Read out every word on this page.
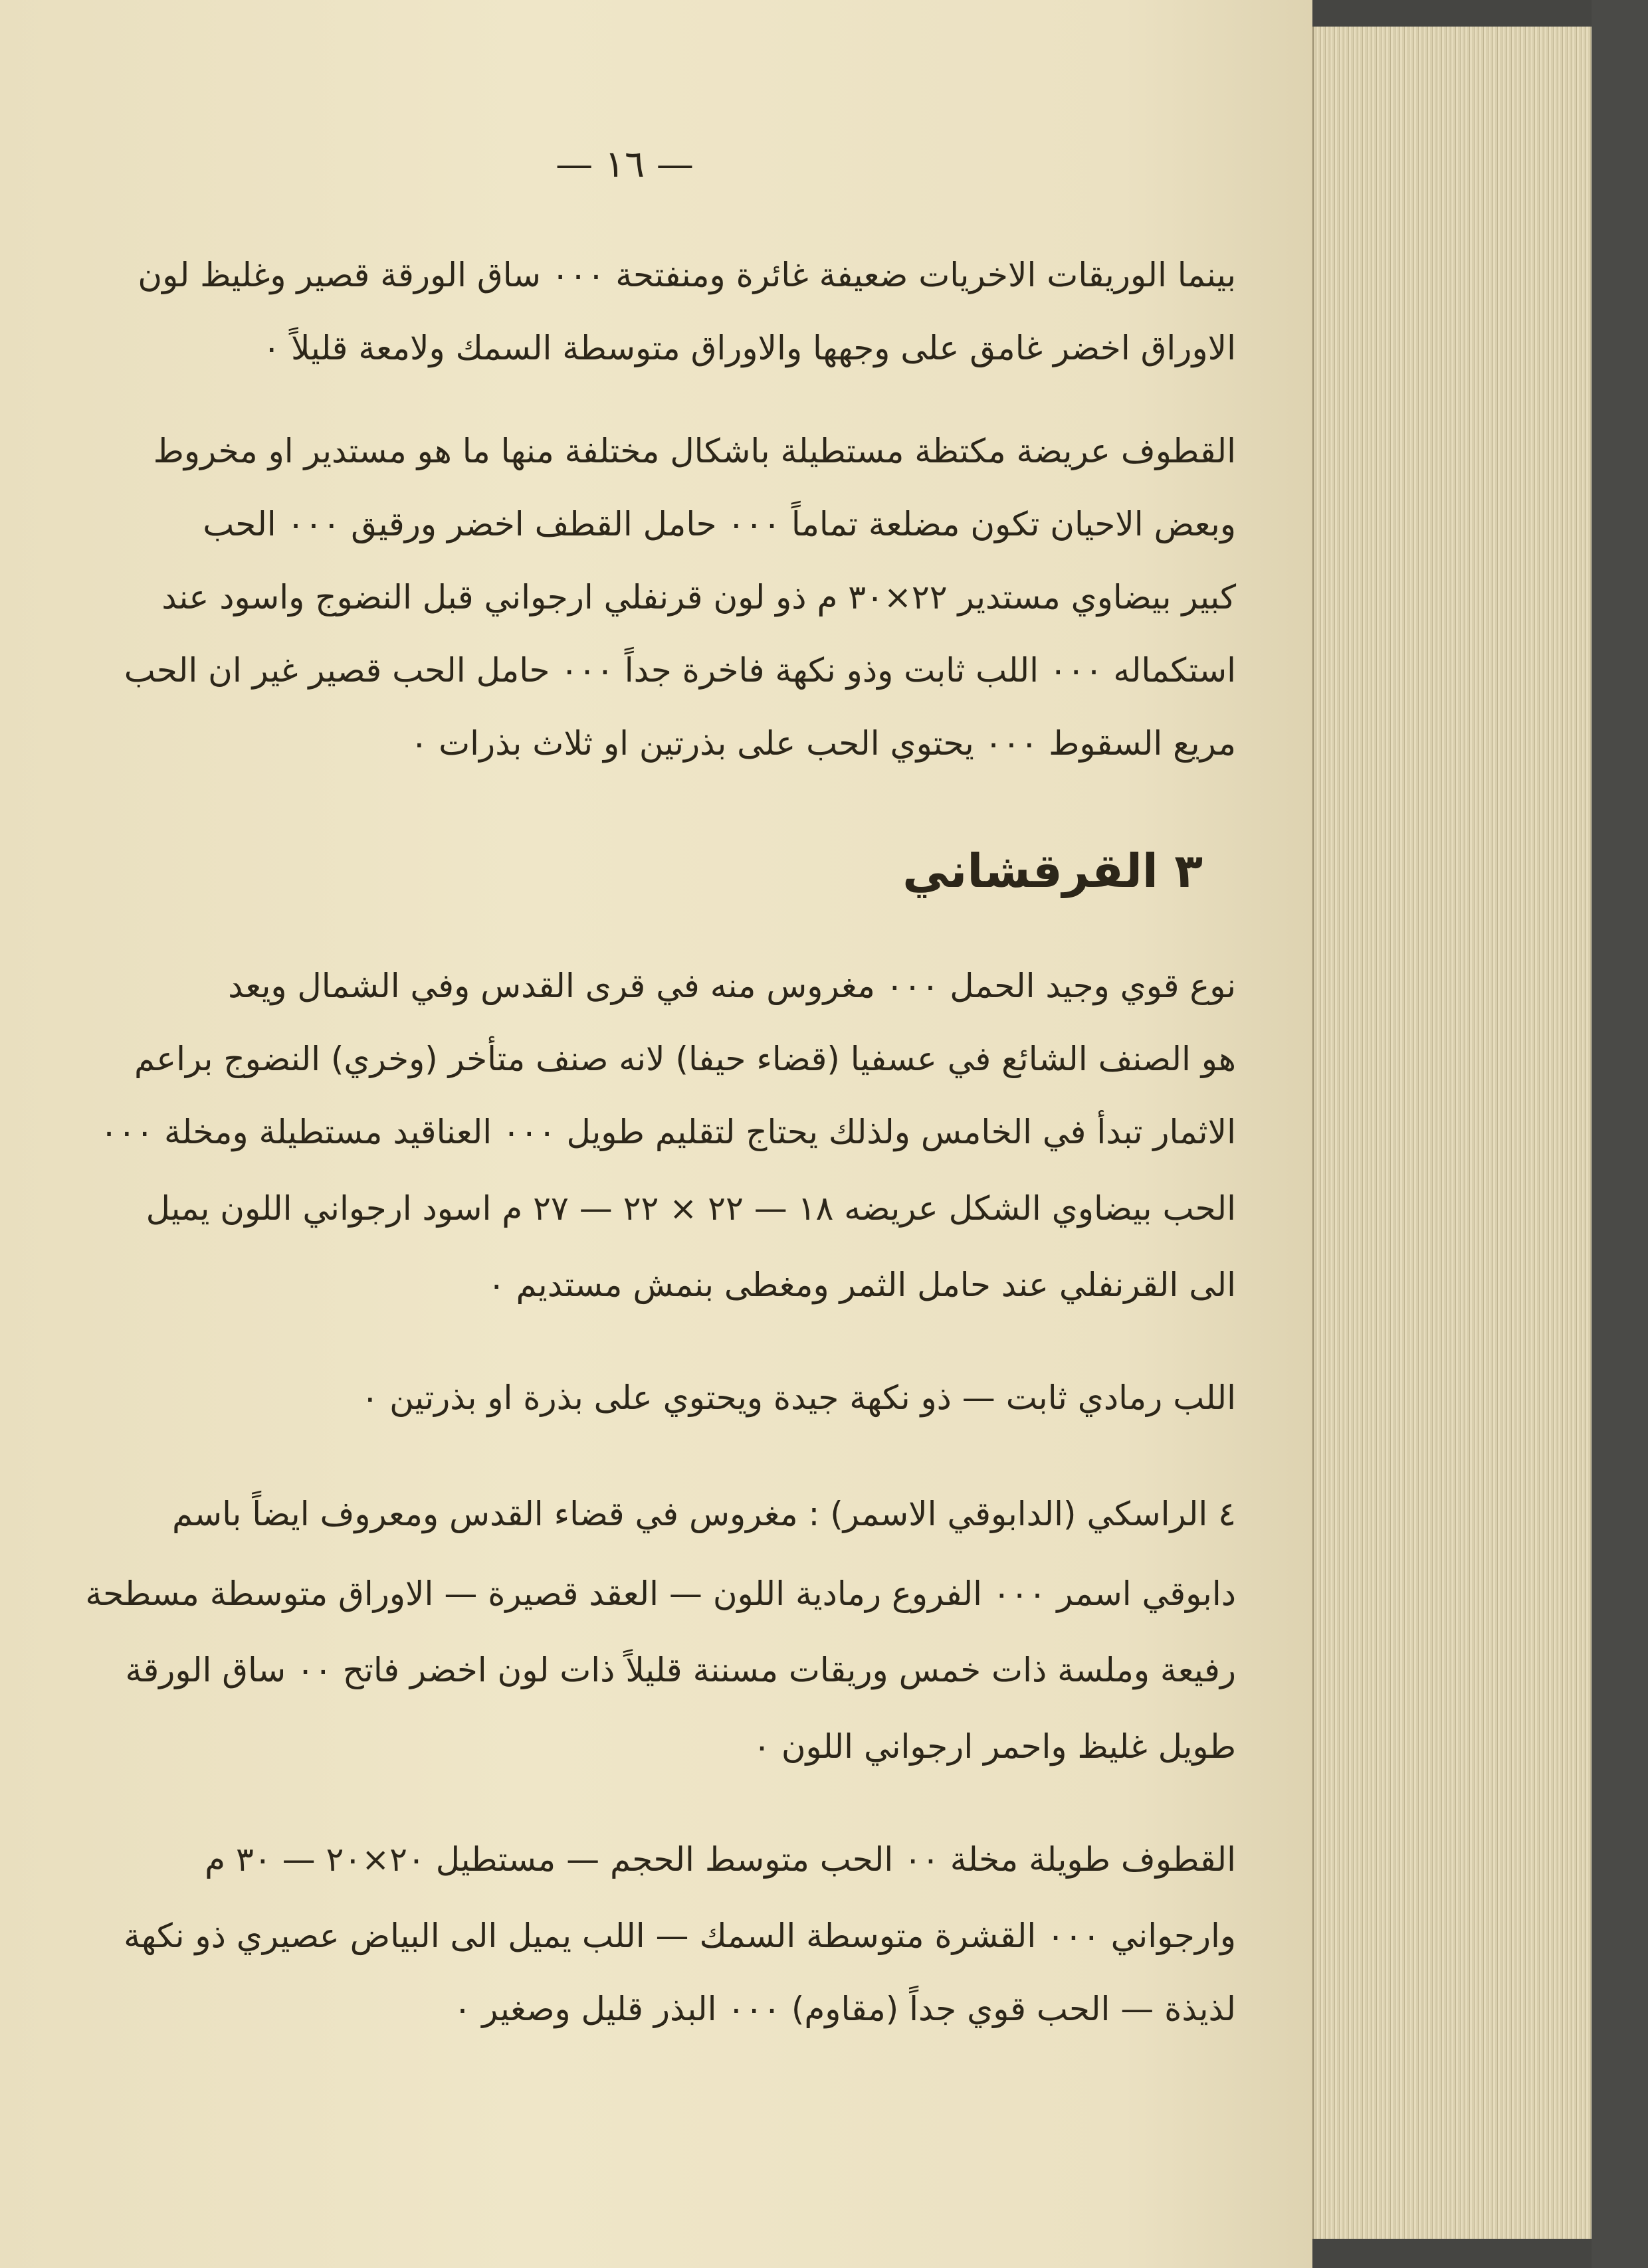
— ١٦ —
بينما الوريقات الاخريات ضعيفة غائرة ومنفتحة ٠٠٠ ساق الورقة قصير وغليظ لون
الاوراق اخضر غامق على وجهها والاوراق متوسطة السمك ولامعة قليلاً ٠
القطوف عريضة مكتظة مستطيلة باشكال مختلفة منها ما هو مستدير او مخروط
وبعض الاحيان تكون مضلعة تماماً ٠٠٠ حامل القطف اخضر ورقيق ٠٠٠ الحب
كبير بيضاوي مستدير ٢٢×٣٠ م ذو لون قرنفلي ارجواني قبل النضوج واسود عند
استكماله ٠٠٠ اللب ثابت وذو نكهة فاخرة جداً ٠٠٠ حامل الحب قصير غير ان الحب
مريع السقوط ٠٠٠ يحتوي الحب على بذرتين او ثلاث بذرات ٠
٣ القرقشاني
نوع قوي وجيد الحمل ٠٠٠ مغروس منه في قرى القدس وفي الشمال ويعد
هو الصنف الشائع في عسفيا (قضاء حيفا) لانه صنف متأخر (وخري) النضوج براعم
الاثمار تبدأ في الخامس ولذلك يحتاج لتقليم طويل ٠٠٠ العناقيد مستطيلة ومخلة ٠٠٠
الحب بيضاوي الشكل عريضه ١٨ — ٢٢ × ٢٢ — ٢٧ م اسود ارجواني اللون يميل
الى القرنفلي عند حامل الثمر ومغطى بنمش مستديم ٠
اللب رمادي ثابت — ذو نكهة جيدة ويحتوي على بذرة او بذرتين ٠
٤ الراسكي (الدابوقي الاسمر) : مغروس في قضاء القدس ومعروف ايضاً باسم
دابوقي اسمر ٠٠٠ الفروع رمادية اللون — العقد قصيرة — الاوراق متوسطة مسطحة
رفيعة وملسة ذات خمس وريقات مسننة قليلاً ذات لون اخضر فاتح ٠٠ ساق الورقة
طويل غليظ واحمر ارجواني اللون ٠
القطوف طويلة مخلة ٠٠ الحب متوسط الحجم — مستطيل ٢٠×٢٠ — ٣٠ م
وارجواني ٠٠٠ القشرة متوسطة السمك — اللب يميل الى البياض عصيري ذو نكهة
لذيذة — الحب قوي جداً (مقاوم) ٠٠٠ البذر قليل وصغير ٠
